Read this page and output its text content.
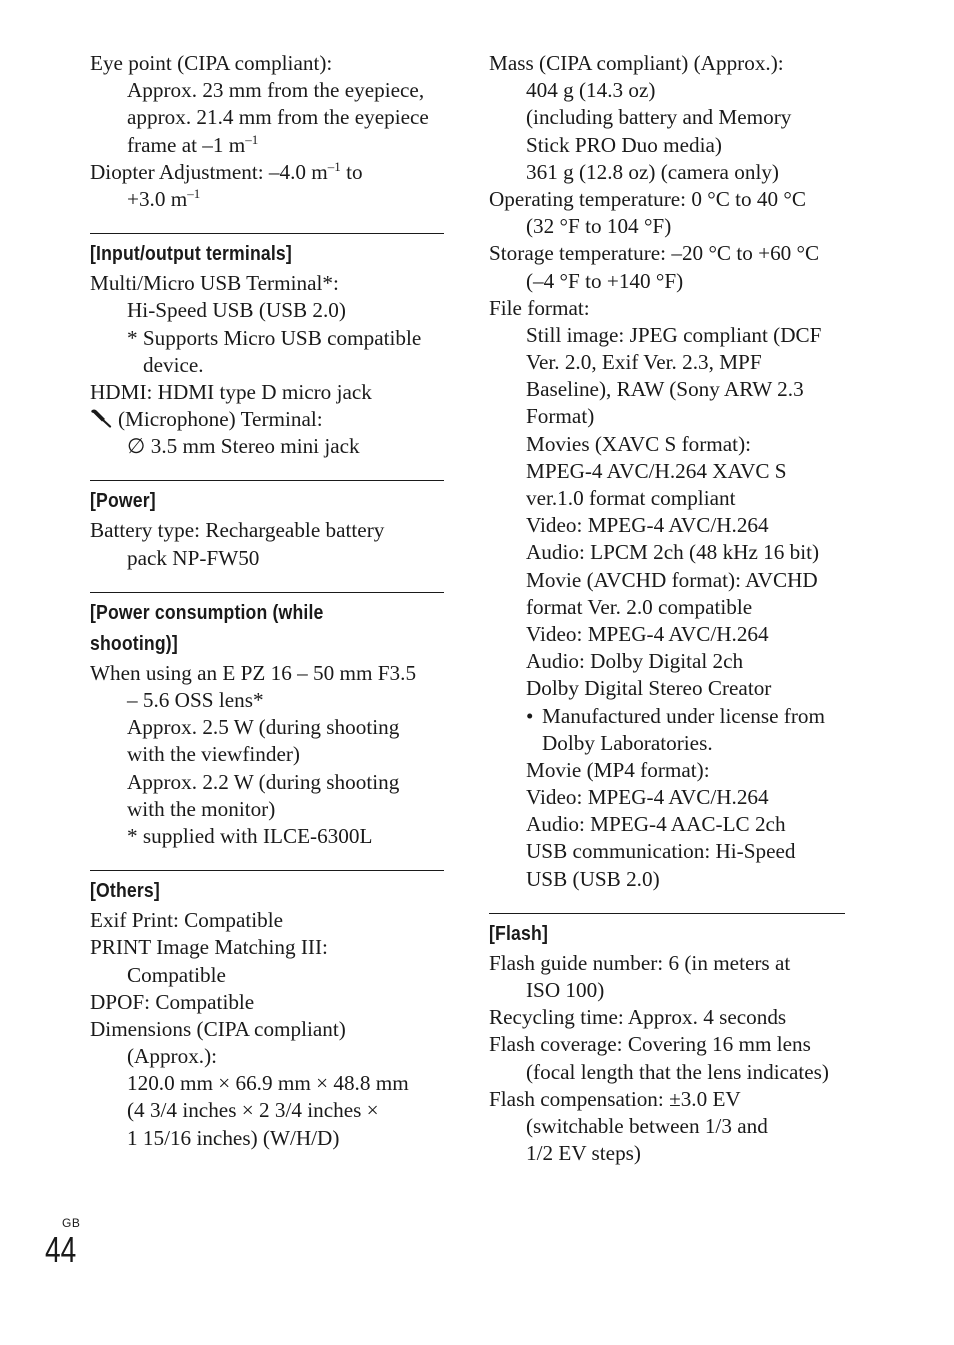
Eye point (CIPA compliant):
Approx. 23 mm from the eyepiece,
approx. 21.4 mm from the eyepiece
frame at –1 $m^{-1}$
Diopter Adjustment: –4.0 $m^{-1}$ to
+3.0 $m^{-1}$
[Input/output terminals]
Multi/Micro USB Terminal*:
Hi-Speed USB (USB 2.0)
* Supports Micro USB compatible
device.
HDMI: HDMI type D micro jack
(Microphone) Terminal:
∅ 3.5 mm Stereo mini jack
[Power]
Battery type: Rechargeable battery
pack NP-FW50
[Power consumption (while
shooting)]
When using an E PZ 16 – 50 mm F3.5
– 5.6 OSS lens*
Approx. 2.5 W (during shooting
with the viewfinder)
Approx. 2.2 W (during shooting
with the monitor)
* supplied with ILCE-6300L
[Others]
Exif Print: Compatible
PRINT Image Matching III:
Compatible
DPOF: Compatible
Dimensions (CIPA compliant)
(Approx.):
120.0 mm × 66.9 mm × 48.8 mm
(4 3/4 inches × 2 3/4 inches ×
1 15/16 inches) (W/H/D)
Mass (CIPA compliant) (Approx.):
404 g (14.3 oz)
(including battery and Memory
Stick PRO Duo media)
361 g (12.8 oz) (camera only)
Operating temperature: 0 °C to 40 °C
(32 °F to 104 °F)
Storage temperature: –20 °C to +60 °C
(–4 °F to +140 °F)
File format:
Still image: JPEG compliant (DCF
Ver. 2.0, Exif Ver. 2.3, MPF
Baseline), RAW (Sony ARW 2.3
Format)
Movies (XAVC S format):
MPEG-4 AVC/H.264 XAVC S
ver.1.0 format compliant
Video: MPEG-4 AVC/H.264
Audio: LPCM 2ch (48 kHz 16 bit)
Movie (AVCHD format): AVCHD
format Ver. 2.0 compatible
Video: MPEG-4 AVC/H.264
Audio: Dolby Digital 2ch
Dolby Digital Stereo Creator
• Manufactured under license from
Dolby Laboratories.
Movie (MP4 format):
Video: MPEG-4 AVC/H.264
Audio: MPEG-4 AAC-LC 2ch
USB communication: Hi-Speed
USB (USB 2.0)
[Flash]
Flash guide number: 6 (in meters at
ISO 100)
Recycling time: Approx. 4 seconds
Flash coverage: Covering 16 mm lens
(focal length that the lens indicates)
Flash compensation: ±3.0 EV
(switchable between 1/3 and
1/2 EV steps)
GB
44
